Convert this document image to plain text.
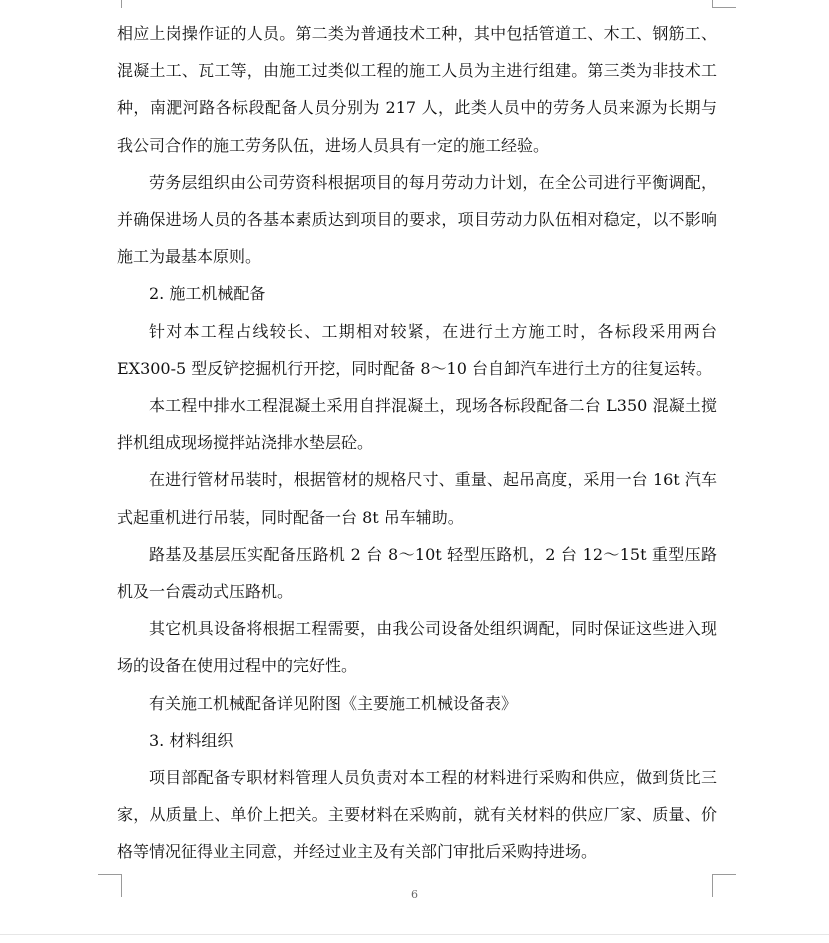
相应上岗操作证的人员。第二类为普通技术工种，其中包括管道工、木工、钢筋工、混凝土工、瓦工等，由施工过类似工程的施工人员为主进行组建。第三类为非技术工种，南淝河路各标段配备人员分别为 217 人，此类人员中的劳务人员来源为长期与我公司合作的施工劳务队伍，进场人员具有一定的施工经验。

劳务层组织由公司劳资科根据项目的每月劳动力计划，在全公司进行平衡调配，并确保进场人员的各基本素质达到项目的要求，项目劳动力队伍相对稳定，以不影响施工为最基本原则。

2. 施工机械配备

针对本工程占线较长、工期相对较紧，在进行土方施工时，各标段采用两台 EX300-5 型反铲挖掘机行开挖，同时配备 8～10 台自卸汽车进行土方的往复运转。

本工程中排水工程混凝土采用自拌混凝土，现场各标段配备二台 L350 混凝土搅拌机组成现场搅拌站浇排水垫层砼。

在进行管材吊装时，根据管材的规格尺寸、重量、起吊高度，采用一台 16t 汽车式起重机进行吊装，同时配备一台 8t 吊车辅助。

路基及基层压实配备压路机 2 台 8～10t 轻型压路机，2 台 12～15t 重型压路机及一台震动式压路机。

其它机具设备将根据工程需要，由我公司设备处组织调配，同时保证这些进入现场的设备在使用过程中的完好性。

有关施工机械配备详见附图《主要施工机械设备表》

3. 材料组织

项目部配备专职材料管理人员负责对本工程的材料进行采购和供应，做到货比三家，从质量上、单价上把关。主要材料在采购前，就有关材料的供应厂家、质量、价格等情况征得业主同意，并经过业主及有关部门审批后采购持进场。

6
